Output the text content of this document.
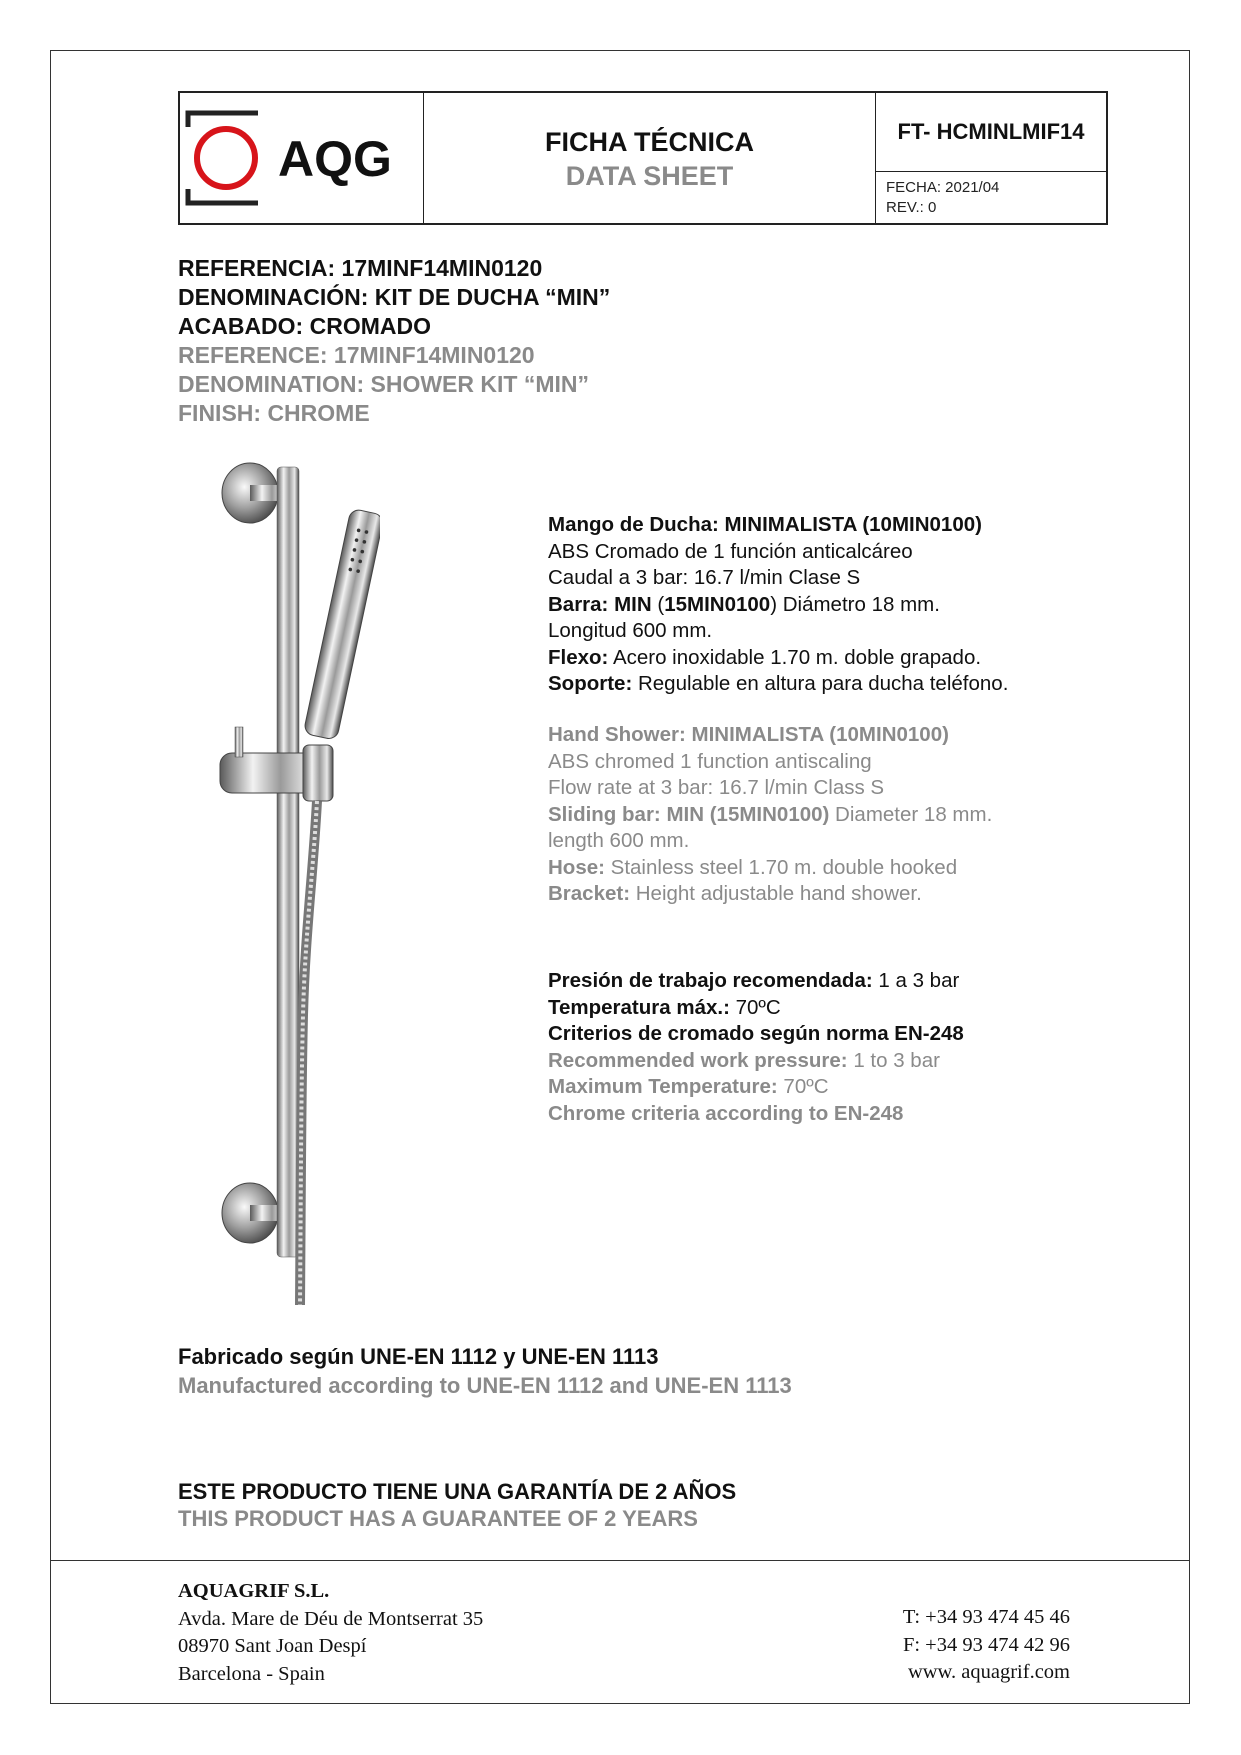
AQG	FICHA TÉCNICA
DATA SHEET
FT- HCMINLMIF14
FECHA: 2021/04
REV.: 0
REFERENCIA: 17MINF14MIN0120
DENOMINACIÓN: KIT DE DUCHA “MIN”
ACABADO: CROMADO
REFERENCE: 17MINF14MIN0120
DENOMINATION: SHOWER KIT “MIN”
FINISH: CHROME
Mango de Ducha: MINIMALISTA (10MIN0100)
ABS Cromado de 1 función anticalcáreo
Caudal a 3 bar: 16.7 l/min Clase S
Barra: MIN (15MIN0100) Diámetro 18 mm.
Longitud 600 mm.
Flexo: Acero inoxidable 1.70 m. doble grapado.
Soporte: Regulable en altura para ducha teléfono.
Hand Shower: MINIMALISTA (10MIN0100)
ABS chromed 1 function antiscaling
Flow rate at 3 bar: 16.7 l/min Class S
Sliding bar: MIN (15MIN0100) Diameter 18 mm.
length 600 mm.
Hose: Stainless steel 1.70 m. double hooked
Bracket: Height adjustable hand shower.
Presión de trabajo recomendada: 1 a 3 bar
Temperatura máx.: 70ºC
Criterios de cromado según norma EN-248
Recommended work pressure: 1 to 3 bar
Maximum Temperature: 70ºC
Chrome criteria according to EN-248
Fabricado según UNE-EN 1112 y UNE-EN 1113
Manufactured according to UNE-EN 1112 and UNE-EN 1113
ESTE PRODUCTO TIENE UNA GARANTÍA DE 2 AÑOS
THIS PRODUCT HAS A GUARANTEE OF 2 YEARS
AQUAGRIF S.L.
Avda. Mare de Déu de Montserrat 35
08970 Sant Joan Despí
Barcelona - Spain
T: +34 93 474 45 46
F: +34 93 474 42 96
www. aquagrif.com
